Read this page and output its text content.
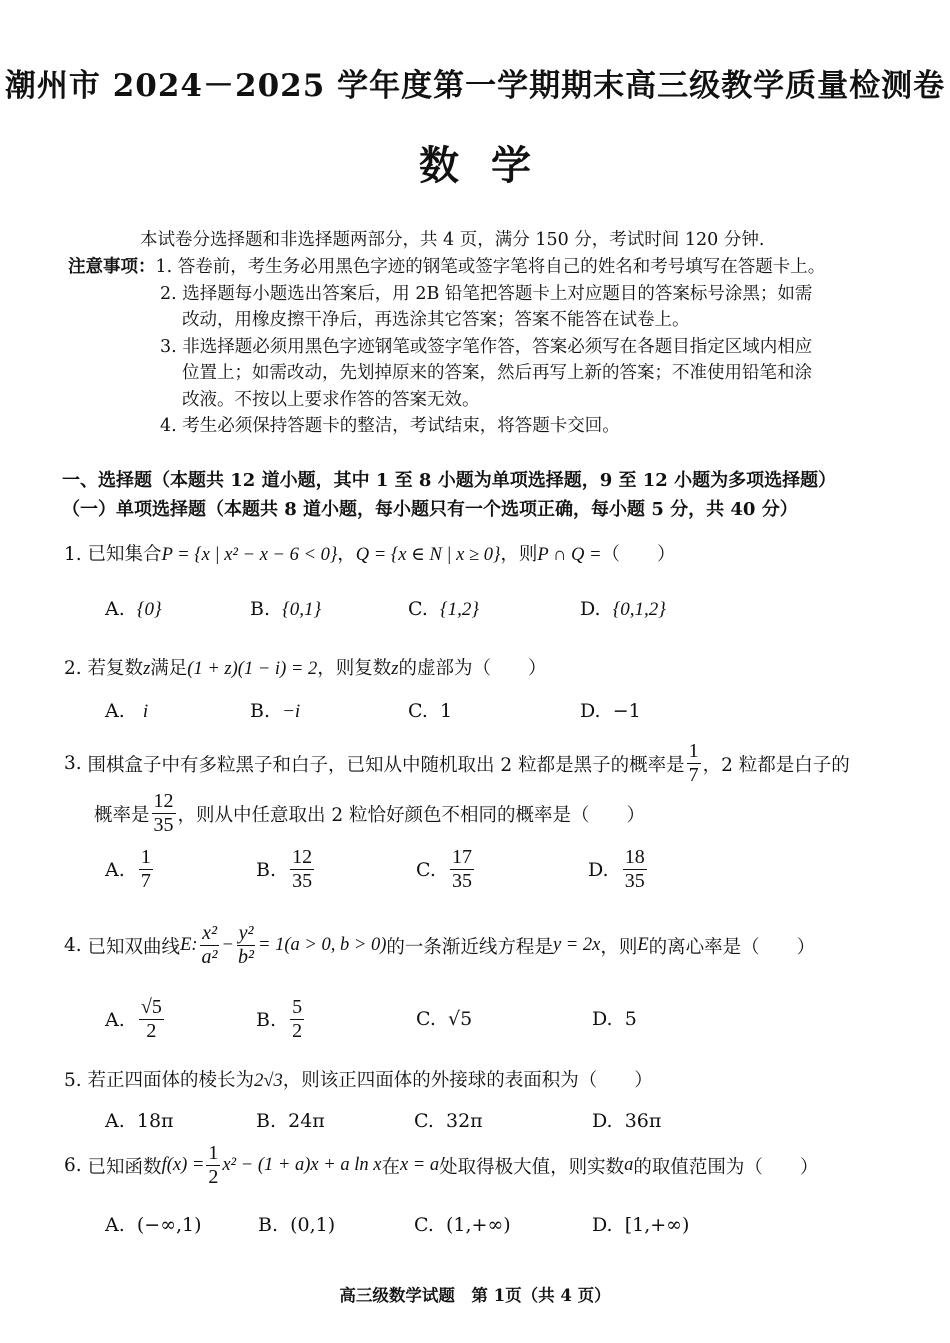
潮州市 2024－2025 学年度第一学期期末高三级教学质量检测卷
数学
本试卷分选择题和非选择题两部分，共 4 页，满分 150 分，考试时间 120 分钟.
注意事项：1. 答卷前，考生务必用黑色字迹的钢笔或签字笔将自己的姓名和考号填写在答题卡上。
2. 选择题每小题选出答案后，用 2B 铅笔把答题卡上对应题目的答案标号涂黑；如需
改动，用橡皮擦干净后，再选涂其它答案；答案不能答在试卷上。
3. 非选择题必须用黑色字迹钢笔或签字笔作答，答案必须写在各题目指定区域内相应
位置上；如需改动，先划掉原来的答案，然后再写上新的答案；不准使用铅笔和涂
改液。不按以上要求作答的答案无效。
4. 考生必须保持答题卡的整洁，考试结束，将答题卡交回。
一、选择题（本题共 12 道小题，其中 1 至 8 小题为单项选择题，9 至 12 小题为多项选择题）
（一）单项选择题（本题共 8 道小题，每小题只有一个选项正确，每小题 5 分，共 40 分）
1. 已知集合P = {x | x² − x − 6 < 0}，Q = {x ∈ N | x ≥ 0}，则P ∩ Q =（　　）
A. {0}	B. {0,1}	C. {1,2}	D. {0,1,2}
2. 若复数z满足(1 + z)(1 − i) = 2，则复数z的虚部为（　　）
A. i	B. −i	C. 1	D. −1
3.
围棋盒子中有多粒黑子和白子，已知从中随机取出 2 粒都是黑子的概率是 $\frac{1}{7}$ ，2 粒都是白子的
概率是 $\frac{12}{35}$ ，则从中任意取出 2 粒恰好颜色不相同的概率是（　　）
A.
$\frac{1}{7}$	B.
$\frac{12}{35}$	C.
$\frac{17}{35}$	D.
$\frac{18}{35}$
4.
已知双曲线 E: $\frac{\text{x²}}{\text{a²}} - \frac{\text{y²}}{\text{b²}} = 1(a > 0$, b > 0) 的一条渐近线方程是 y = 2x ，则 E 的离心率是（　　）
A.
$\frac{√5}{2}$	B.
$\frac{5}{2}$	C. √5	D. 5
5. 若正四面体的棱长为2√3，则该正四面体的外接球的表面积为（　　）
A. 18π	B. 24π	C. 32π	D. 36π
6.
已知函数 $f(x) = \frac{1}{2} x^2 - (1 + a)x + a$ ln x 在 x = a 处取得极大值，则实数 a 的取值范围为（　　）
A. (−∞,1)	B. (0,1)	C. (1,+∞)	D. [1,+∞)
高三级数学试题　第 1页（共 4 页）
